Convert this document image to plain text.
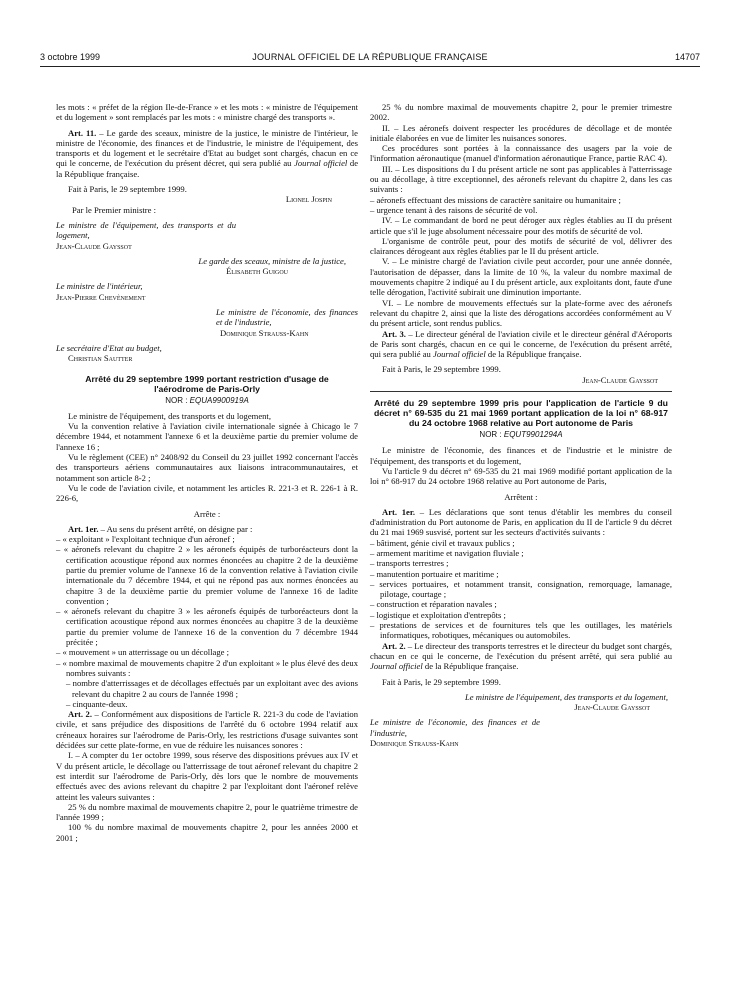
3 octobre 1999	JOURNAL OFFICIEL DE LA RÉPUBLIQUE FRANÇAISE	14707

les mots : « préfet de la région Ile-de-France » et les mots : « ministre de l'équipement et du logement » sont remplacés par les mots : « ministre chargé des transports ».

Art. 11. – Le garde des sceaux, ministre de la justice, le ministre de l'intérieur, le ministre de l'économie, des finances et de l'industrie, le ministre de l'équipement, des transports et du logement et le secrétaire d'Etat au budget sont chargés, chacun en ce qui le concerne, de l'exécution du présent décret, qui sera publié au Journal officiel de la République française.

Fait à Paris, le 29 septembre 1999.

Lionel Jospin

Par le Premier ministre :

Le ministre de l'équipement, des transports et du logement,

Jean-Claude Gayssot

Le garde des sceaux, ministre de la justice,

Élisabeth Guigou

Le ministre de l'intérieur,

Jean-Pierre Chevènement

Le ministre de l'économie, des finances et de l'industrie,

Dominique Strauss-Kahn

Le secrétaire d'Etat au budget,

Christian Sautter

Arrêté du 29 septembre 1999 portant restriction d'usage de l'aérodrome de Paris-Orly
NOR : EQUA9900919A

Le ministre de l'équipement, des transports et du logement,

Vu la convention relative à l'aviation civile internationale signée à Chicago le 7 décembre 1944, et notamment l'annexe 6 et la deuxième partie du premier volume de l'annexe 16 ;

Vu le règlement (CEE) n° 2408/92 du Conseil du 23 juillet 1992 concernant l'accès des transporteurs aériens communautaires aux liaisons intracommunautaires, et notamment son article 8-2 ;

Vu le code de l'aviation civile, et notamment les articles R. 221-3 et R. 226-1 à R. 226-6,

Arrête :

Art. 1er. – Au sens du présent arrêté, on désigne par :

– « exploitant » l'exploitant technique d'un aéronef ;
– « aéronefs relevant du chapitre 2 » les aéronefs équipés de turboréacteurs dont la certification acoustique répond aux normes énoncées au chapitre 2 de la deuxième partie du premier volume de l'annexe 16 de la convention relative à l'aviation civile internationale du 7 décembre 1944, et qui ne répond pas aux normes énoncées au chapitre 3 de la deuxième partie du premier volume de l'annexe 16 de ladite convention ;
– « aéronefs relevant du chapitre 3 » les aéronefs équipés de turboréacteurs dont la certification acoustique répond aux normes énoncées au chapitre 3 de la deuxième partie du premier volume de l'annexe 16 de la convention du 7 décembre 1944 précitée ;
– « mouvement » un atterrissage ou un décollage ;
– « nombre maximal de mouvements chapitre 2 d'un exploitant » le plus élevé des deux nombres suivants :
– nombre d'atterrissages et de décollages effectués par un exploitant avec des avions relevant du chapitre 2 au cours de l'année 1998 ;
– cinquante-deux.

Art. 2. – Conformément aux dispositions de l'article R. 221-3 du code de l'aviation civile, et sans préjudice des dispositions de l'arrêté du 6 octobre 1994 relatif aux créneaux horaires sur l'aérodrome de Paris-Orly, les restrictions d'usage suivantes sont décidées sur cette plate-forme, en vue de réduire les nuisances sonores :

I. – A compter du 1er octobre 1999, sous réserve des dispositions prévues aux IV et V du présent article, le décollage ou l'atterrissage de tout aéronef relevant du chapitre 2 est interdit sur l'aérodrome de Paris-Orly, dès lors que le nombre de mouvements effectués avec des avions relevant du chapitre 2 par l'exploitant dont l'aéronef relève atteint les valeurs suivantes :

25 % du nombre maximal de mouvements chapitre 2, pour le quatrième trimestre de l'année 1999 ;

100 % du nombre maximal de mouvements chapitre 2, pour les années 2000 et 2001 ;

25 % du nombre maximal de mouvements chapitre 2, pour le premier trimestre 2002.

II. – Les aéronefs doivent respecter les procédures de décollage et de montée initiale élaborées en vue de limiter les nuisances sonores.

Ces procédures sont portées à la connaissance des usagers par la voie de l'information aéronautique (manuel d'information aéronautique France, partie RAC 4).

III. – Les dispositions du I du présent article ne sont pas applicables à l'atterrissage ou au décollage, à titre exceptionnel, des aéronefs relevant du chapitre 2, dans les cas suivants :

– aéronefs effectuant des missions de caractère sanitaire ou humanitaire ;
– urgence tenant à des raisons de sécurité de vol.

IV. – Le commandant de bord ne peut déroger aux règles établies au II du présent article que s'il le juge absolument nécessaire pour des motifs de sécurité de vol.

L'organisme de contrôle peut, pour des motifs de sécurité de vol, délivrer des clairances dérogeant aux règles établies par le II du présent article.

V. – Le ministre chargé de l'aviation civile peut accorder, pour une année donnée, l'autorisation de dépasser, dans la limite de 10 %, la valeur du nombre maximal de mouvements chapitre 2 indiqué au I du présent article, aux exploitants dont, faute d'une telle dérogation, l'activité subirait une diminution importante.

VI. – Le nombre de mouvements effectués sur la plate-forme avec des aéronefs relevant du chapitre 2, ainsi que la liste des dérogations accordées conformément au V du présent article, sont rendus publics.

Art. 3. – Le directeur général de l'aviation civile et le directeur général d'Aéroports de Paris sont chargés, chacun en ce qui le concerne, de l'exécution du présent arrêté, qui sera publié au Journal officiel de la République française.

Fait à Paris, le 29 septembre 1999.

Jean-Claude Gayssot

Arrêté du 29 septembre 1999 pris pour l'application de l'article 9 du décret n° 69-535 du 21 mai 1969 portant application de la loi n° 68-917 du 24 octobre 1968 relative au Port autonome de Paris
NOR : EQUT9901294A

Le ministre de l'économie, des finances et de l'industrie et le ministre de l'équipement, des transports et du logement,

Vu l'article 9 du décret n° 69-535 du 21 mai 1969 modifié portant application de la loi n° 68-917 du 24 octobre 1968 relative au Port autonome de Paris,

Arrêtent :

Art. 1er. – Les déclarations que sont tenus d'établir les membres du conseil d'administration du Port autonome de Paris, en application du II de l'article 9 du décret du 21 mai 1969 susvisé, portent sur les secteurs d'activités suivants :

– bâtiment, génie civil et travaux publics ;
– armement maritime et navigation fluviale ;
– transports terrestres ;
– manutention portuaire et maritime ;
– services portuaires, et notamment transit, consignation, remorquage, lamanage, pilotage, courtage ;
– construction et réparation navales ;
– logistique et exploitation d'entrepôts ;
– prestations de services et de fournitures tels que les outillages, les matériels informatiques, robotiques, mécaniques ou automobiles.

Art. 2. – Le directeur des transports terrestres et le directeur du budget sont chargés, chacun en ce qui le concerne, de l'exécution du présent arrêté, qui sera publié au Journal officiel de la République française.

Fait à Paris, le 29 septembre 1999.

Le ministre de l'équipement, des transports et du logement,

Jean-Claude Gayssot

Le ministre de l'économie, des finances et de l'industrie,

Dominique Strauss-Kahn
